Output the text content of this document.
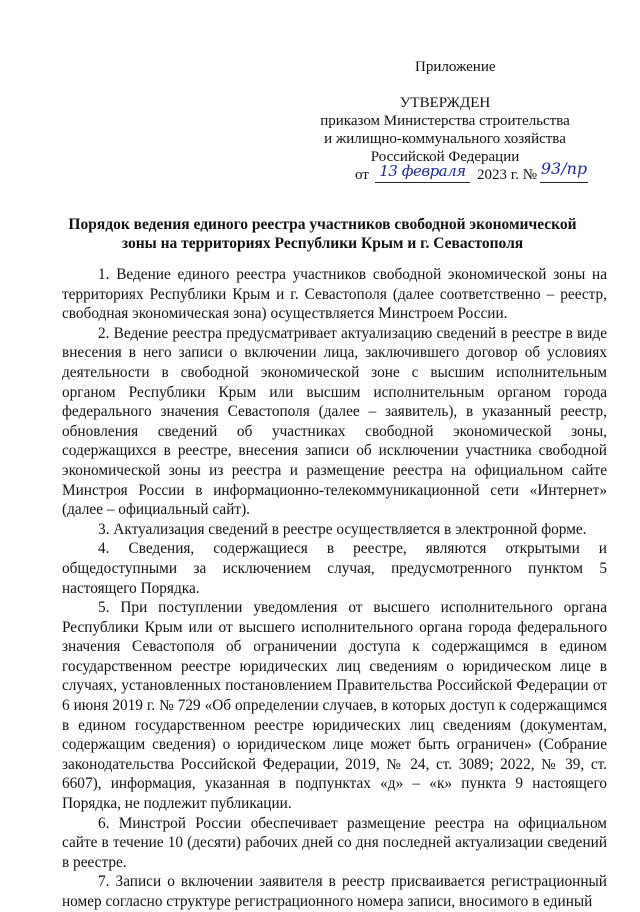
Приложение
УТВЕРЖДЕН
приказом Министерства строительства
и жилищно-коммунального хозяйства
Российской Федерации
от 13 февраля 2023 г. № 93/пр
Порядок ведения единого реестра участников свободной экономической зоны на территориях Республики Крым и г. Севастополя

1. Ведение единого реестра участников свободной экономической зоны на территориях Республики Крым и г. Севастополя (далее соответственно – реестр, свободная экономическая зона) осуществляется Минстроем России.

2. Ведение реестра предусматривает актуализацию сведений в реестре в виде внесения в него записи о включении лица, заключившего договор об условиях деятельности в свободной экономической зоне с высшим исполнительным органом Республики Крым или высшим исполнительным органом города федерального значения Севастополя (далее – заявитель), в указанный реестр, обновления сведений об участниках свободной экономической зоны, содержащихся в реестре, внесения записи об исключении участника свободной экономической зоны из реестра и размещение реестра на официальном сайте Минстроя России в информационно-телекоммуникационной сети «Интернет» (далее – официальный сайт).

3. Актуализация сведений в реестре осуществляется в электронной форме.

4. Сведения, содержащиеся в реестре, являются открытыми и общедоступными за исключением случая, предусмотренного пунктом 5 настоящего Порядка.

5. При поступлении уведомления от высшего исполнительного органа Республики Крым или от высшего исполнительного органа города федерального значения Севастополя об ограничении доступа к содержащимся в едином государственном реестре юридических лиц сведениям о юридическом лице в случаях, установленных постановлением Правительства Российской Федерации от 6 июня 2019 г. № 729 «Об определении случаев, в которых доступ к содержащимся в едином государственном реестре юридических лиц сведениям (документам, содержащим сведения) о юридическом лице может быть ограничен» (Собрание законодательства Российской Федерации, 2019, № 24, ст. 3089; 2022, № 39, ст. 6607), информация, указанная в подпунктах «д» – «к» пункта 9 настоящего Порядка, не подлежит публикации.

6. Минстрой России обеспечивает размещение реестра на официальном сайте в течение 10 (десяти) рабочих дней со дня последней актуализации сведений в реестре.

7. Записи о включении заявителя в реестр присваивается регистрационный номер согласно структуре регистрационного номера записи, вносимого в единый
